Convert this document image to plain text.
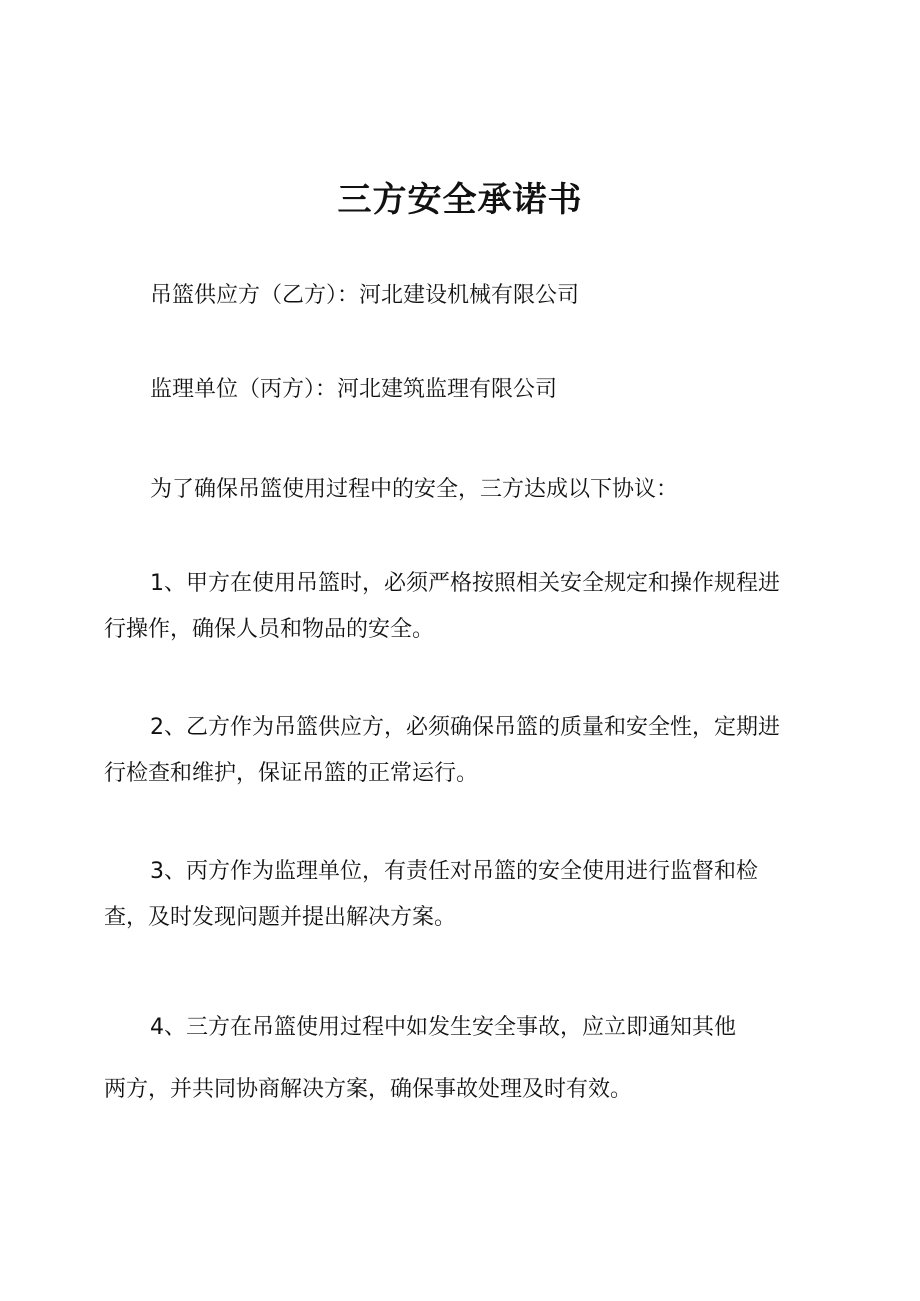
三方安全承诺书
吊篮供应方（乙方）：河北建设机械有限公司
监理单位（丙方）：河北建筑监理有限公司
为了确保吊篮使用过程中的安全，三方达成以下协议：
1、甲方在使用吊篮时，必须严格按照相关安全规定和操作规程进
行操作，确保人员和物品的安全。
2、乙方作为吊篮供应方，必须确保吊篮的质量和安全性，定期进
行检查和维护，保证吊篮的正常运行。
3、丙方作为监理单位，有责任对吊篮的安全使用进行监督和检
查，及时发现问题并提出解决方案。
4、三方在吊篮使用过程中如发生安全事故，应立即通知其他
两方，并共同协商解决方案，确保事故处理及时有效。
